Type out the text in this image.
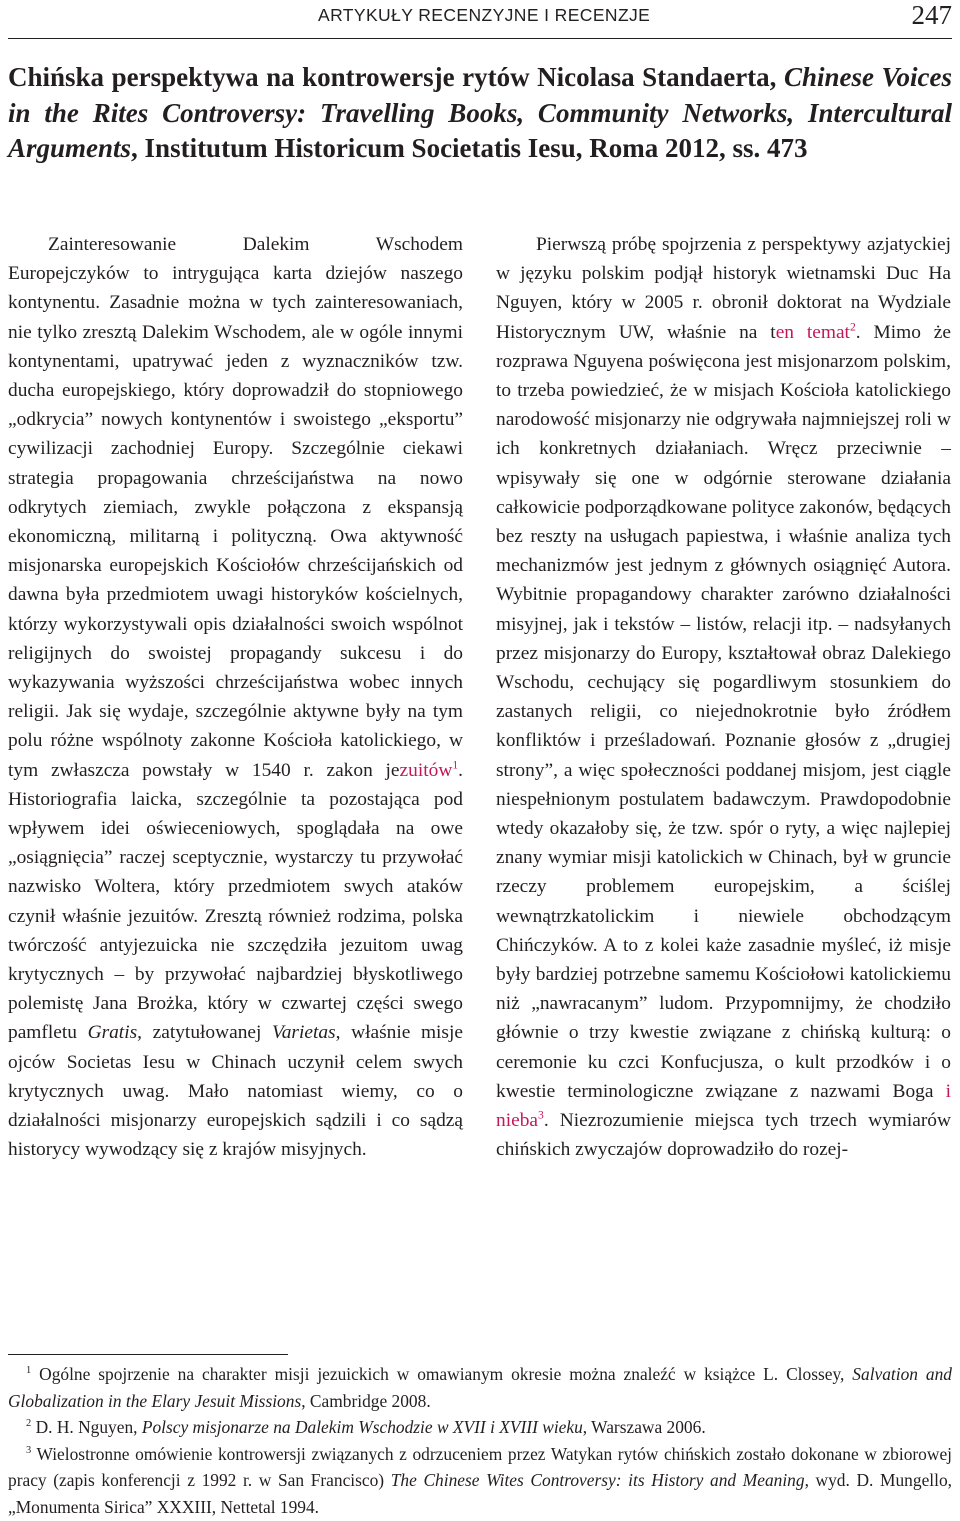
ARTYKUŁY RECENZYJNE I RECENZJE	247
Chińska perspektywa na kontrowersje rytów Nicolasa Standaerta, Chinese Voices in the Rites Controversy: Travelling Books, Community Networks, Intercultural Arguments, Institutum Historicum Societatis Iesu, Roma 2012, ss. 473

Zainteresowanie Dalekim Wschodem Europejczyków to intrygująca karta dziejów naszego kontynentu. Zasadnie można w tych zainteresowaniach, nie tylko zresztą Dalekim Wschodem, ale w ogóle innymi kontynentami, upatrywać jeden z wyznaczników tzw. ducha europejskiego, który doprowadził do stopniowego „odkrycia” nowych kontynentów i swoistego „eksportu” cywilizacji zachodniej Europy. Szczególnie ciekawi strategia propagowania chrześcijaństwa na nowo odkrytych ziemiach, zwykle połączona z ekspansją ekonomiczną, militarną i polityczną. Owa aktywność misjonarska europejskich Kościołów chrześcijańskich od dawna była przedmiotem uwagi historyków kościelnych, którzy wykorzystywali opis działalności swoich wspólnot religijnych do swoistej propagandy sukcesu i do wykazywania wyższości chrześcijaństwa wobec innych religii. Jak się wydaje, szczególnie aktywne były na tym polu różne wspólnoty zakonne Kościoła katolickiego, w tym zwłaszcza powstały w 1540 r. zakon jezuitów$^1$. Historiografia laicka, szczególnie ta pozostająca pod wpływem idei oświeceniowych, spoglądała na owe „osiągnięcia” raczej sceptycznie, wystarczy tu przywołać nazwisko Woltera, który przedmiotem swych ataków czynił właśnie jezuitów. Zresztą również rodzima, polska twórczość antyjezuicka nie szczędziła jezuitom uwag krytycznych – by przywołać najbardziej błyskotliwego polemistę Jana Brożka, który w czwartej części swego pamfletu Gratis, zatytułowanej Varietas, właśnie misje ojców Societas Iesu w Chinach uczynił celem swych krytycznych uwag. Mało natomiast wiemy, co o działalności misjonarzy europejskich sądzili i co sądzą historycy wywodzący się z krajów misyjnych.

Pierwszą próbę spojrzenia z perspektywy azjatyckiej w języku polskim podjął historyk wietnamski Duc Ha Nguyen, który w 2005 r. obronił doktorat na Wydziale Historycznym UW, właśnie na ten temat$^2$. Mimo że rozprawa Nguyena poświęcona jest misjonarzom polskim, to trzeba powiedzieć, że w misjach Kościoła katolickiego narodowość misjonarzy nie odgrywała najmniejszej roli w ich konkretnych działaniach. Wręcz przeciwnie – wpisywały się one w odgórnie sterowane działania całkowicie podporządkowane polityce zakonów, będących bez reszty na usługach papiestwa, i właśnie analiza tych mechanizmów jest jednym z głównych osiągnięć Autora. Wybitnie propagandowy charakter zarówno działalności misyjnej, jak i tekstów – listów, relacji itp. – nadsyłanych przez misjonarzy do Europy, kształtował obraz Dalekiego Wschodu, cechujący się pogardliwym stosunkiem do zastanych religii, co niejednokrotnie było źródłem konfliktów i prześladowań. Poznanie głosów z „drugiej strony”, a więc społeczności poddanej misjom, jest ciągle niespełnionym postulatem badawczym. Prawdopodobnie wtedy okazałoby się, że tzw. spór o ryty, a więc najlepiej znany wymiar misji katolickich w Chinach, był w gruncie rzeczy problemem europejskim, a ściślej wewnątrzkatolickim i niewiele obchodzącym Chińczyków. A to z kolei każe zasadnie myśleć, iż misje były bardziej potrzebne samemu Kościołowi katolickiemu niż „nawracanym” ludom. Przypomnijmy, że chodziło głównie o trzy kwestie związane z chińską kulturą: o ceremonie ku czci Konfucjusza, o kult przodków i o kwestie terminologiczne związane z nazwami Boga i nieba$^3$. Niezrozumienie miejsca tych trzech wymiarów chińskich zwyczajów doprowadziło do rozej-

$^1$ Ogólne spojrzenie na charakter misji jezuickich w omawianym okresie można znaleźć w książce L. Clossey, Salvation and Globalization in the Elary Jesuit Missions, Cambridge 2008.

$^2$ D. H. Nguyen, Polscy misjonarze na Dalekim Wschodzie w XVII i XVIII wieku, Warszawa 2006.

$^3$ Wielostronne omówienie kontrowersji związanych z odrzuceniem przez Watykan rytów chińskich zostało dokonane w zbiorowej pracy (zapis konferencji z 1992 r. w San Francisco) The Chinese Wites Controversy: its History and Meaning, wyd. D. Mungello, „Monumenta Sirica” XXXIII, Nettetal 1994.
